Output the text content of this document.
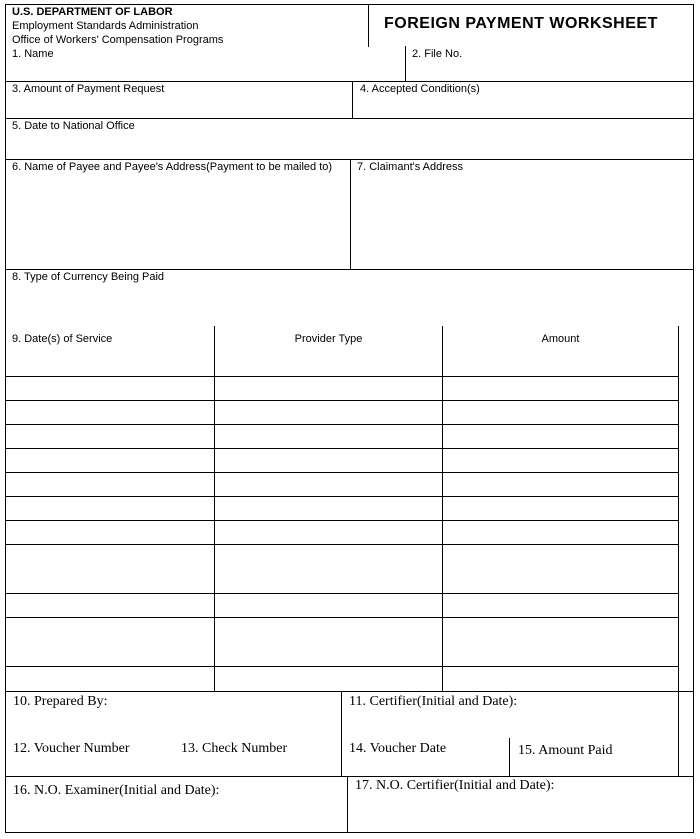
U.S. DEPARTMENT OF LABOR
Employment Standards Administration
Office of Workers' Compensation Programs
FOREIGN PAYMENT WORKSHEET
1. Name	2. File No.
3. Amount of Payment Request	4. Accepted Condition(s)
5. Date to National Office
6. Name of Payee and Payee's Address(Payment to be mailed to)	7. Claimant's Address
8. Type of Currency Being Paid
9. Date(s) of Service	Provider Type	Amount
10. Prepared By:	11. Certifier(Initial and Date):
12. Voucher Number	13. Check Number	14. Voucher Date	15. Amount Paid
16. N.O. Examiner(Initial and Date):	17. N.O. Certifier(Initial and Date):
